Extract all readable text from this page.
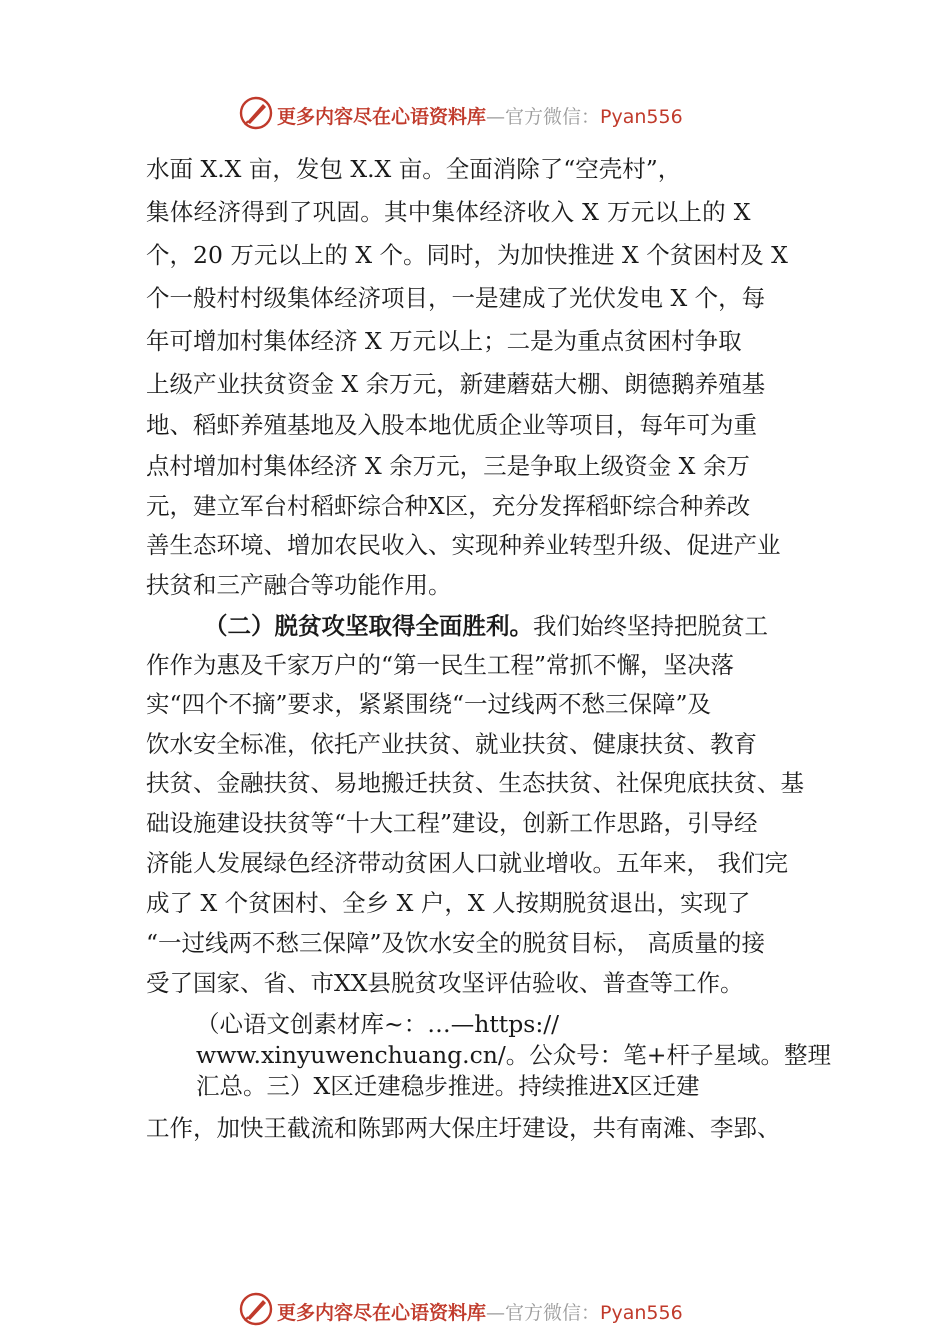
更多内容尽在心语资料库—官方微信：Pyan556
水面 X.X 亩，发包 X.X 亩。全面消除了“空壳村”，
集体经济得到了巩固。其中集体经济收入 X 万元以上的 X
个，20 万元以上的 X 个。同时，为加快推进 X 个贫困村及 X
个一般村村级集体经济项目，一是建成了光伏发电 X 个，每
年可增加村集体经济 X 万元以上；二是为重点贫困村争取
上级产业扶贫资金 X 余万元，新建蘑菇大棚、朗德鹅养殖基
地、稻虾养殖基地及入股本地优质企业等项目，每年可为重
点村增加村集体经济 X 余万元，三是争取上级资金 X 余万
元，建立军台村稻虾综合种X区，充分发挥稻虾综合种养改
善生态环境、增加农民收入、实现种养业转型升级、促进产业
扶贫和三产融合等功能作用。
（二）脱贫攻坚取得全面胜利。我们始终坚持把脱贫工
作作为惠及千家万户的“第一民生工程”常抓不懈，坚决落
实“四个不摘”要求，紧紧围绕“一过线两不愁三保障”及
饮水安全标准，依托产业扶贫、就业扶贫、健康扶贫、教育
扶贫、金融扶贫、易地搬迁扶贫、生态扶贫、社保兜底扶贫、基
础设施建设扶贫等“十大工程”建设，创新工作思路，引导经
济能人发展绿色经济带动贫困人口就业增收。五年来， 我们完
成了 X 个贫困村、全乡 X 户，X 人按期脱贫退出，实现了
“一过线两不愁三保障”及饮水安全的脱贫目标， 高质量的接
受了国家、省、市XX县脱贫攻坚评估验收、普查等工作。
（心语文创素材库~：…—https://
www.xinyuwenchuang.cn/。公众号：笔+杆子星域。整理
汇总。三）X区迁建稳步推进。持续推进X区迁建
工作，加快王截流和陈郢两大保庄圩建设，共有南滩、李郢、
更多内容尽在心语资料库—官方微信：Pyan556
